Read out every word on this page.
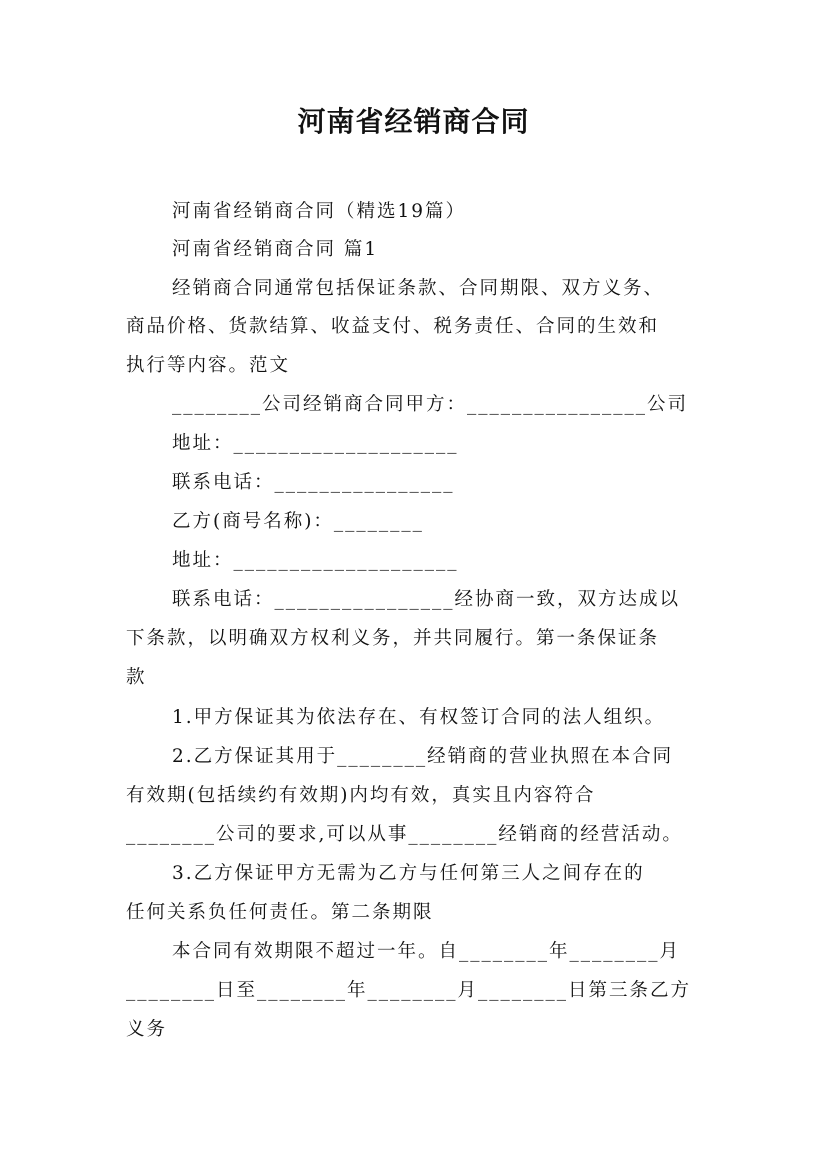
河南省经销商合同
河南省经销商合同（精选19篇）
河南省经销商合同 篇1
经销商合同通常包括保证条款、合同期限、双方义务、
商品价格、货款结算、收益支付、税务责任、合同的生效和
执行等内容。范文
________公司经销商合同甲方：________________公司
地址：____________________
联系电话：________________
乙方(商号名称)：________
地址：____________________
联系电话：________________经协商一致，双方达成以
下条款，以明确双方权利义务，并共同履行。第一条保证条
款
1.甲方保证其为依法存在、有权签订合同的法人组织。
2.乙方保证其用于________经销商的营业执照在本合同
有效期(包括续约有效期)内均有效，真实且内容符合
________公司的要求,可以从事________经销商的经营活动。
3.乙方保证甲方无需为乙方与任何第三人之间存在的
任何关系负任何责任。第二条期限
本合同有效期限不超过一年。自________年________月
________日至________年________月________日第三条乙方
义务
